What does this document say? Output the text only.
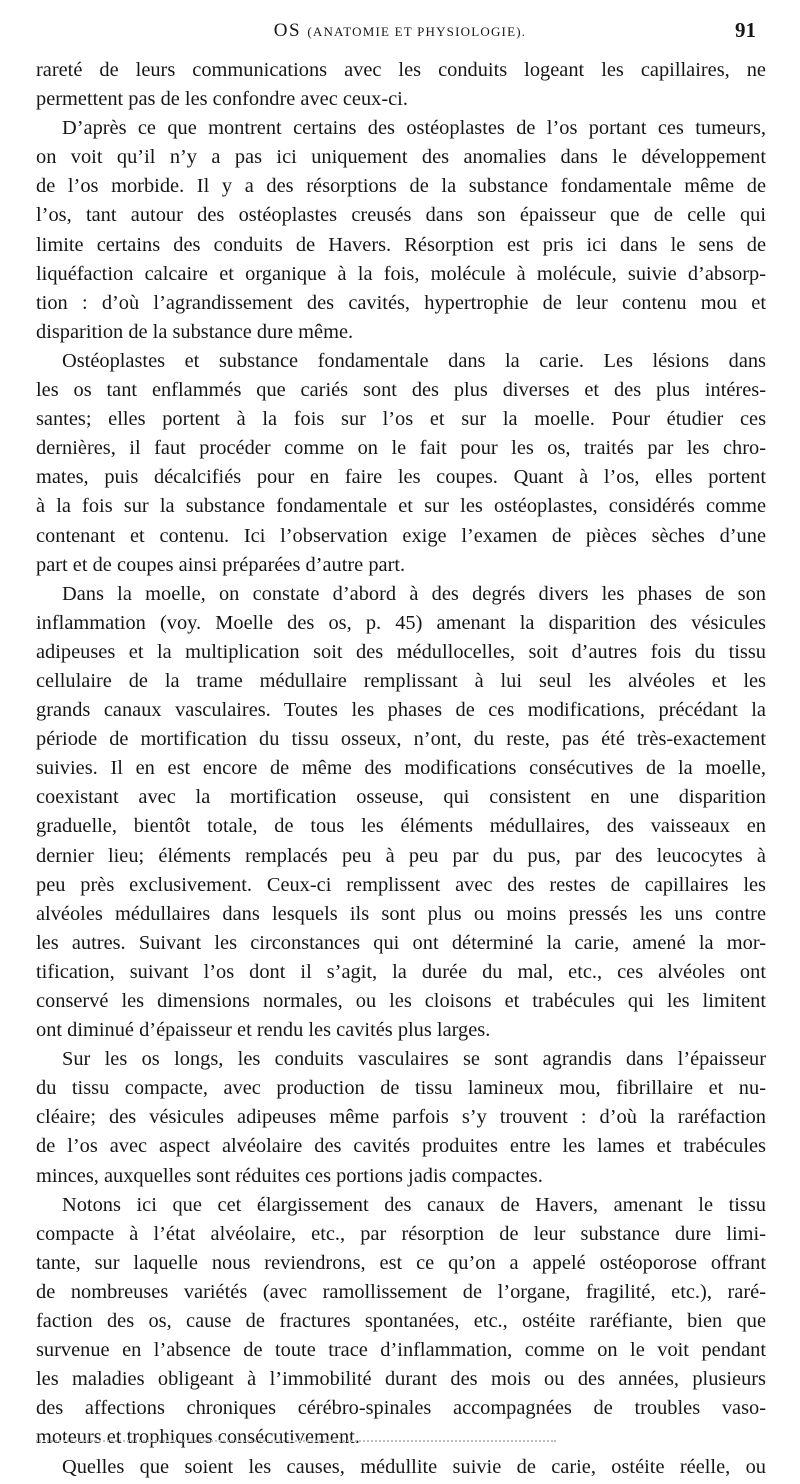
OS (ANATOMIE ET PHYSIOLOGIE).	91
rareté de leurs communications avec les conduits logeant les capillaires, ne
permettent pas de les confondre avec ceux-ci.
D’après ce que montrent certains des ostéoplastes de l’os portant ces tumeurs,
on voit qu’il n’y a pas ici uniquement des anomalies dans le développement
de l’os morbide. Il y a des résorptions de la substance fondamentale même de
l’os, tant autour des ostéoplastes creusés dans son épaisseur que de celle qui
limite certains des conduits de Havers. Résorption est pris ici dans le sens de
liquéfaction calcaire et organique à la fois, molécule à molécule, suivie d’absorp-
tion : d’où l’agrandissement des cavités, hypertrophie de leur contenu mou et
disparition de la substance dure même.
Ostéoplastes et substance fondamentale dans la carie. Les lésions dans
les os tant enflammés que cariés sont des plus diverses et des plus intéres-
santes; elles portent à la fois sur l’os et sur la moelle. Pour étudier ces
dernières, il faut procéder comme on le fait pour les os, traités par les chro-
mates, puis décalcifiés pour en faire les coupes. Quant à l’os, elles portent
à la fois sur la substance fondamentale et sur les ostéoplastes, considérés comme
contenant et contenu. Ici l’observation exige l’examen de pièces sèches d’une
part et de coupes ainsi préparées d’autre part.
Dans la moelle, on constate d’abord à des degrés divers les phases de son
inflammation (voy. Moelle des os, p. 45) amenant la disparition des vésicules
adipeuses et la multiplication soit des médullocelles, soit d’autres fois du tissu
cellulaire de la trame médullaire remplissant à lui seul les alvéoles et les
grands canaux vasculaires. Toutes les phases de ces modifications, précédant la
période de mortification du tissu osseux, n’ont, du reste, pas été très-exactement
suivies. Il en est encore de même des modifications consécutives de la moelle,
coexistant avec la mortification osseuse, qui consistent en une disparition
graduelle, bientôt totale, de tous les éléments médullaires, des vaisseaux en
dernier lieu; éléments remplacés peu à peu par du pus, par des leucocytes à
peu près exclusivement. Ceux-ci remplissent avec des restes de capillaires les
alvéoles médullaires dans lesquels ils sont plus ou moins pressés les uns contre
les autres. Suivant les circonstances qui ont déterminé la carie, amené la mor-
tification, suivant l’os dont il s’agit, la durée du mal, etc., ces alvéoles ont
conservé les dimensions normales, ou les cloisons et trabécules qui les limitent
ont diminué d’épaisseur et rendu les cavités plus larges.
Sur les os longs, les conduits vasculaires se sont agrandis dans l’épaisseur
du tissu compacte, avec production de tissu lamineux mou, fibrillaire et nu-
cléaire; des vésicules adipeuses même parfois s’y trouvent : d’où la raréfaction
de l’os avec aspect alvéolaire des cavités produites entre les lames et trabécules
minces, auxquelles sont réduites ces portions jadis compactes.
Notons ici que cet élargissement des canaux de Havers, amenant le tissu
compacte à l’état alvéolaire, etc., par résorption de leur substance dure limi-
tante, sur laquelle nous reviendrons, est ce qu’on a appelé ostéoporose offrant
de nombreuses variétés (avec ramollissement de l’organe, fragilité, etc.), raré-
faction des os, cause de fractures spontanées, etc., ostéite raréfiante, bien que
survenue en l’absence de toute trace d’inflammation, comme on le voit pendant
les maladies obligeant à l’immobilité durant des mois ou des années, plusieurs
des affections chroniques cérébro-spinales accompagnées de troubles vaso-
moteurs et trophiques consécutivement.
Quelles que soient les causes, médullite suivie de carie, ostéite réelle, ou
